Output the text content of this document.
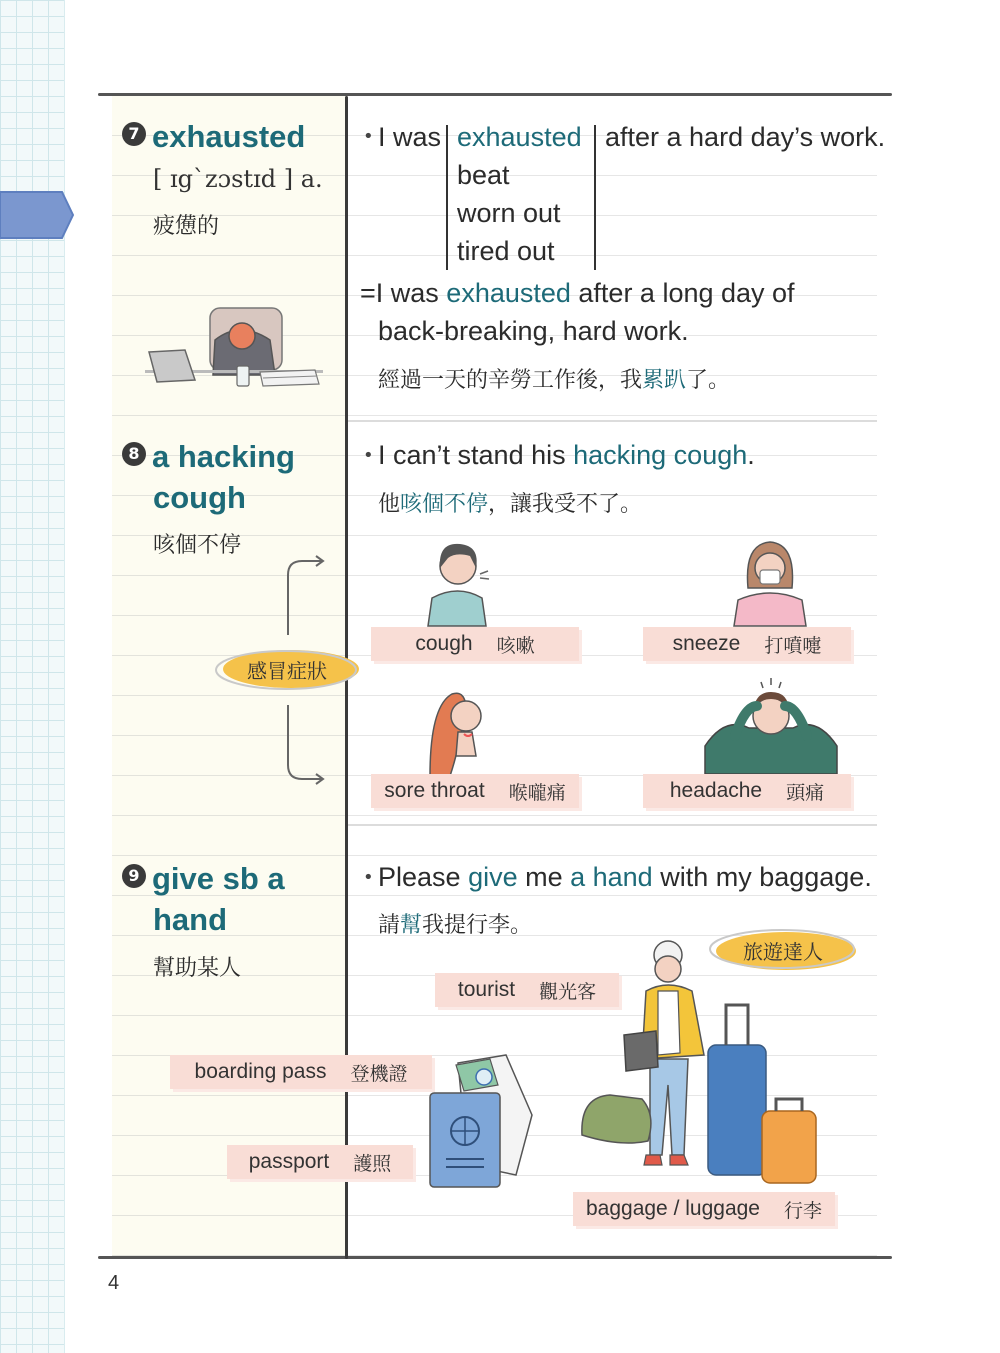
7 exhausted
[ ɪgˋzɔstɪd ] a.
疲憊的
• I was exhausted
beat
worn out
tired out
after a hard day’s work.
=I was exhausted after a long day of
back-breaking, hard work.
經過一天的辛勞工作後，我累趴了。
8 a hacking
cough
咳個不停
• I can’t stand his hacking cough.
他咳個不停，讓我受不了。
感冒症狀
cough 咳嗽	sneeze 打噴嚏
sore throat 喉嚨痛	headache 頭痛
9 give sb a
hand
幫助某人
• Please give me a hand with my baggage.
請幫我提行李。
旅遊達人
tourist 觀光客
boarding pass 登機證
passport 護照
baggage / luggage 行李
4
